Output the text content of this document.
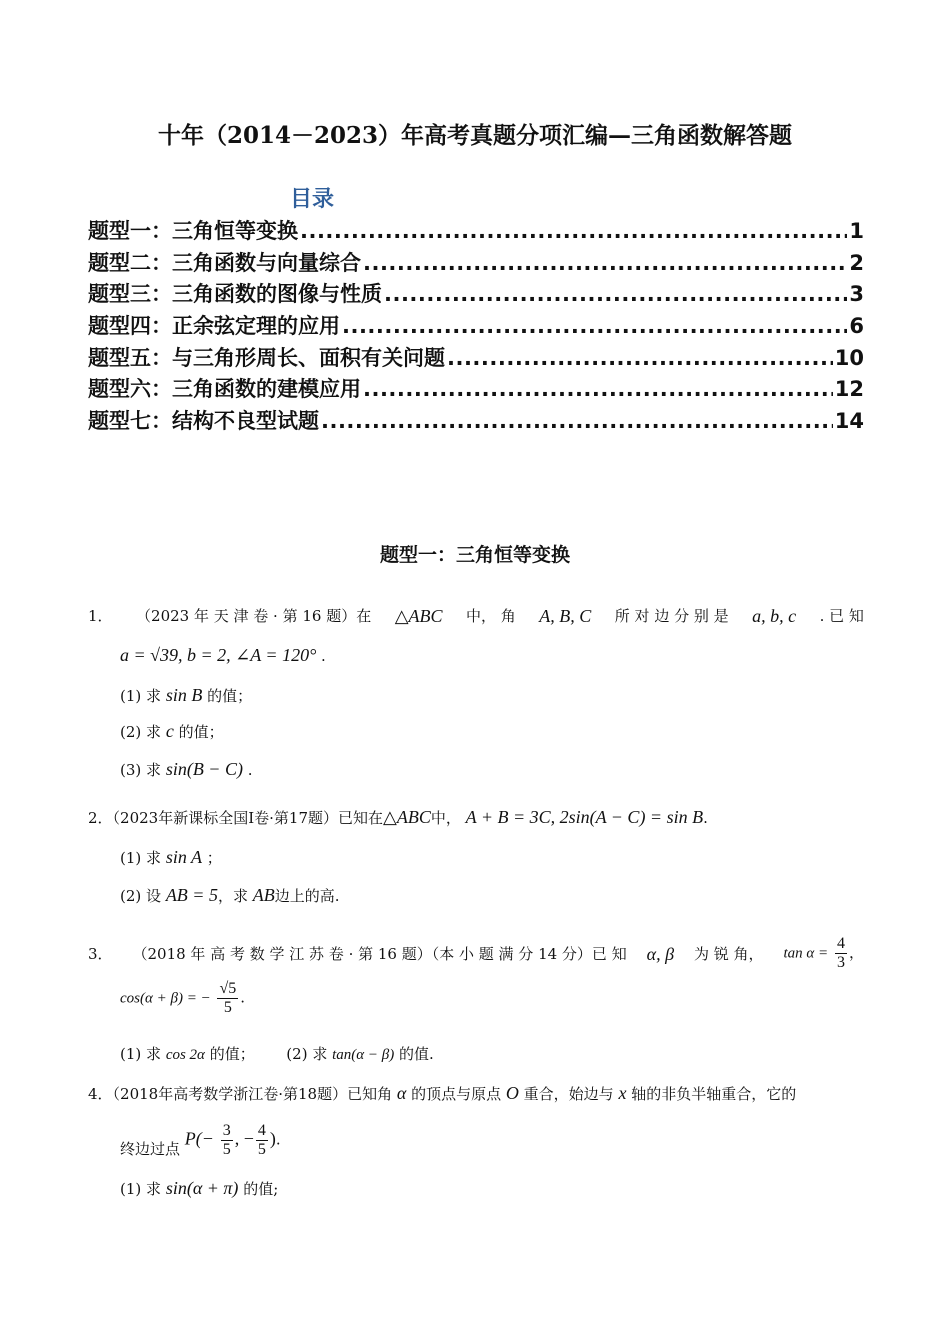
十年（2014－2023）年高考真题分项汇编—三角函数解答题
目录
题型一：三角恒等变换 .....	1
题型二：三角函数与向量综合 .....	2
题型三：三角函数的图像与性质 .....	3
题型四：正余弦定理的应用 .....	6
题型五：与三角形周长、面积有关问题 .....	10
题型六：三角函数的建模应用 .....	12
题型七：结构不良型试题 .....	14
题型一：三角恒等变换
1． （2023 年 天 津 卷 · 第 16 题）在 △ABC 中， 角 A, B, C 所 对 边 分 别 是 a, b, c . 已 知
a = √39, b = 2, ∠A = 120° .
(1) 求 sin B 的值；
(2) 求 c 的值；
(3) 求 sin(B − C) .
2．（2023年新课标全国Ⅰ卷·第17题）已知在△ABC中， A + B = 3C, 2sin(A − C) = sin B.
(1) 求 sin A ；
(2) 设 AB = 5，求 AB边上的高.
3． （2018 年 高 考 数 学 江 苏 卷 · 第 16 题）（本 小 题 满 分 14 分）已 知 α, β 为 锐 角， $\tan \alpha = \frac{4}{3}$ ，
cos(α + β) = − $\frac{√5}{5}$ .
(1) 求 cos 2α 的值； (2) 求 tan(α − β) 的值.
4．（2018年高考数学浙江卷·第18题）已知角 α 的顶点与原点 O 重合，始边与 x 轴的非负半轴重合，它的
终边过点 $P(- \frac{3}{5}$ , − $\frac{4}{5}$ ).
(1) 求 sin(α + π) 的值;
